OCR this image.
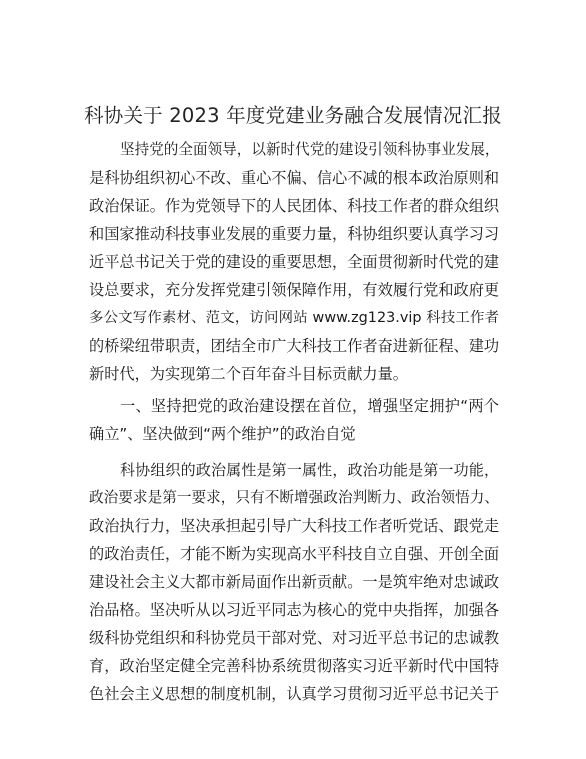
科协关于 2023 年度党建业务融合发展情况汇报
坚持党的全面领导，以新时代党的建设引领科协事业发展，
是科协组织初心不改、重心不偏、信心不减的根本政治原则和
政治保证。作为党领导下的人民团体、科技工作者的群众组织
和国家推动科技事业发展的重要力量，科协组织要认真学习习
近平总书记关于党的建设的重要思想，全面贯彻新时代党的建
设总要求，充分发挥党建引领保障作用，有效履行党和政府更
多公文写作素材、范文，访问网站 www.zg123.vip 科技工作者
的桥梁纽带职责，团结全市广大科技工作者奋进新征程、建功
新时代，为实现第二个百年奋斗目标贡献力量。
一、坚持把党的政治建设摆在首位，增强坚定拥护“两个
确立”、坚决做到“两个维护”的政治自觉
科协组织的政治属性是第一属性，政治功能是第一功能，
政治要求是第一要求，只有不断增强政治判断力、政治领悟力、
政治执行力，坚决承担起引导广大科技工作者听党话、跟党走
的政治责任，才能不断为实现高水平科技自立自强、开创全面
建设社会主义大都市新局面作出新贡献。一是筑牢绝对忠诚政
治品格。坚决听从以习近平同志为核心的党中央指挥，加强各
级科协党组织和科协党员干部对党、对习近平总书记的忠诚教
育，政治坚定健全完善科协系统贯彻落实习近平新时代中国特
色社会主义思想的制度机制，认真学习贯彻习近平总书记关于
